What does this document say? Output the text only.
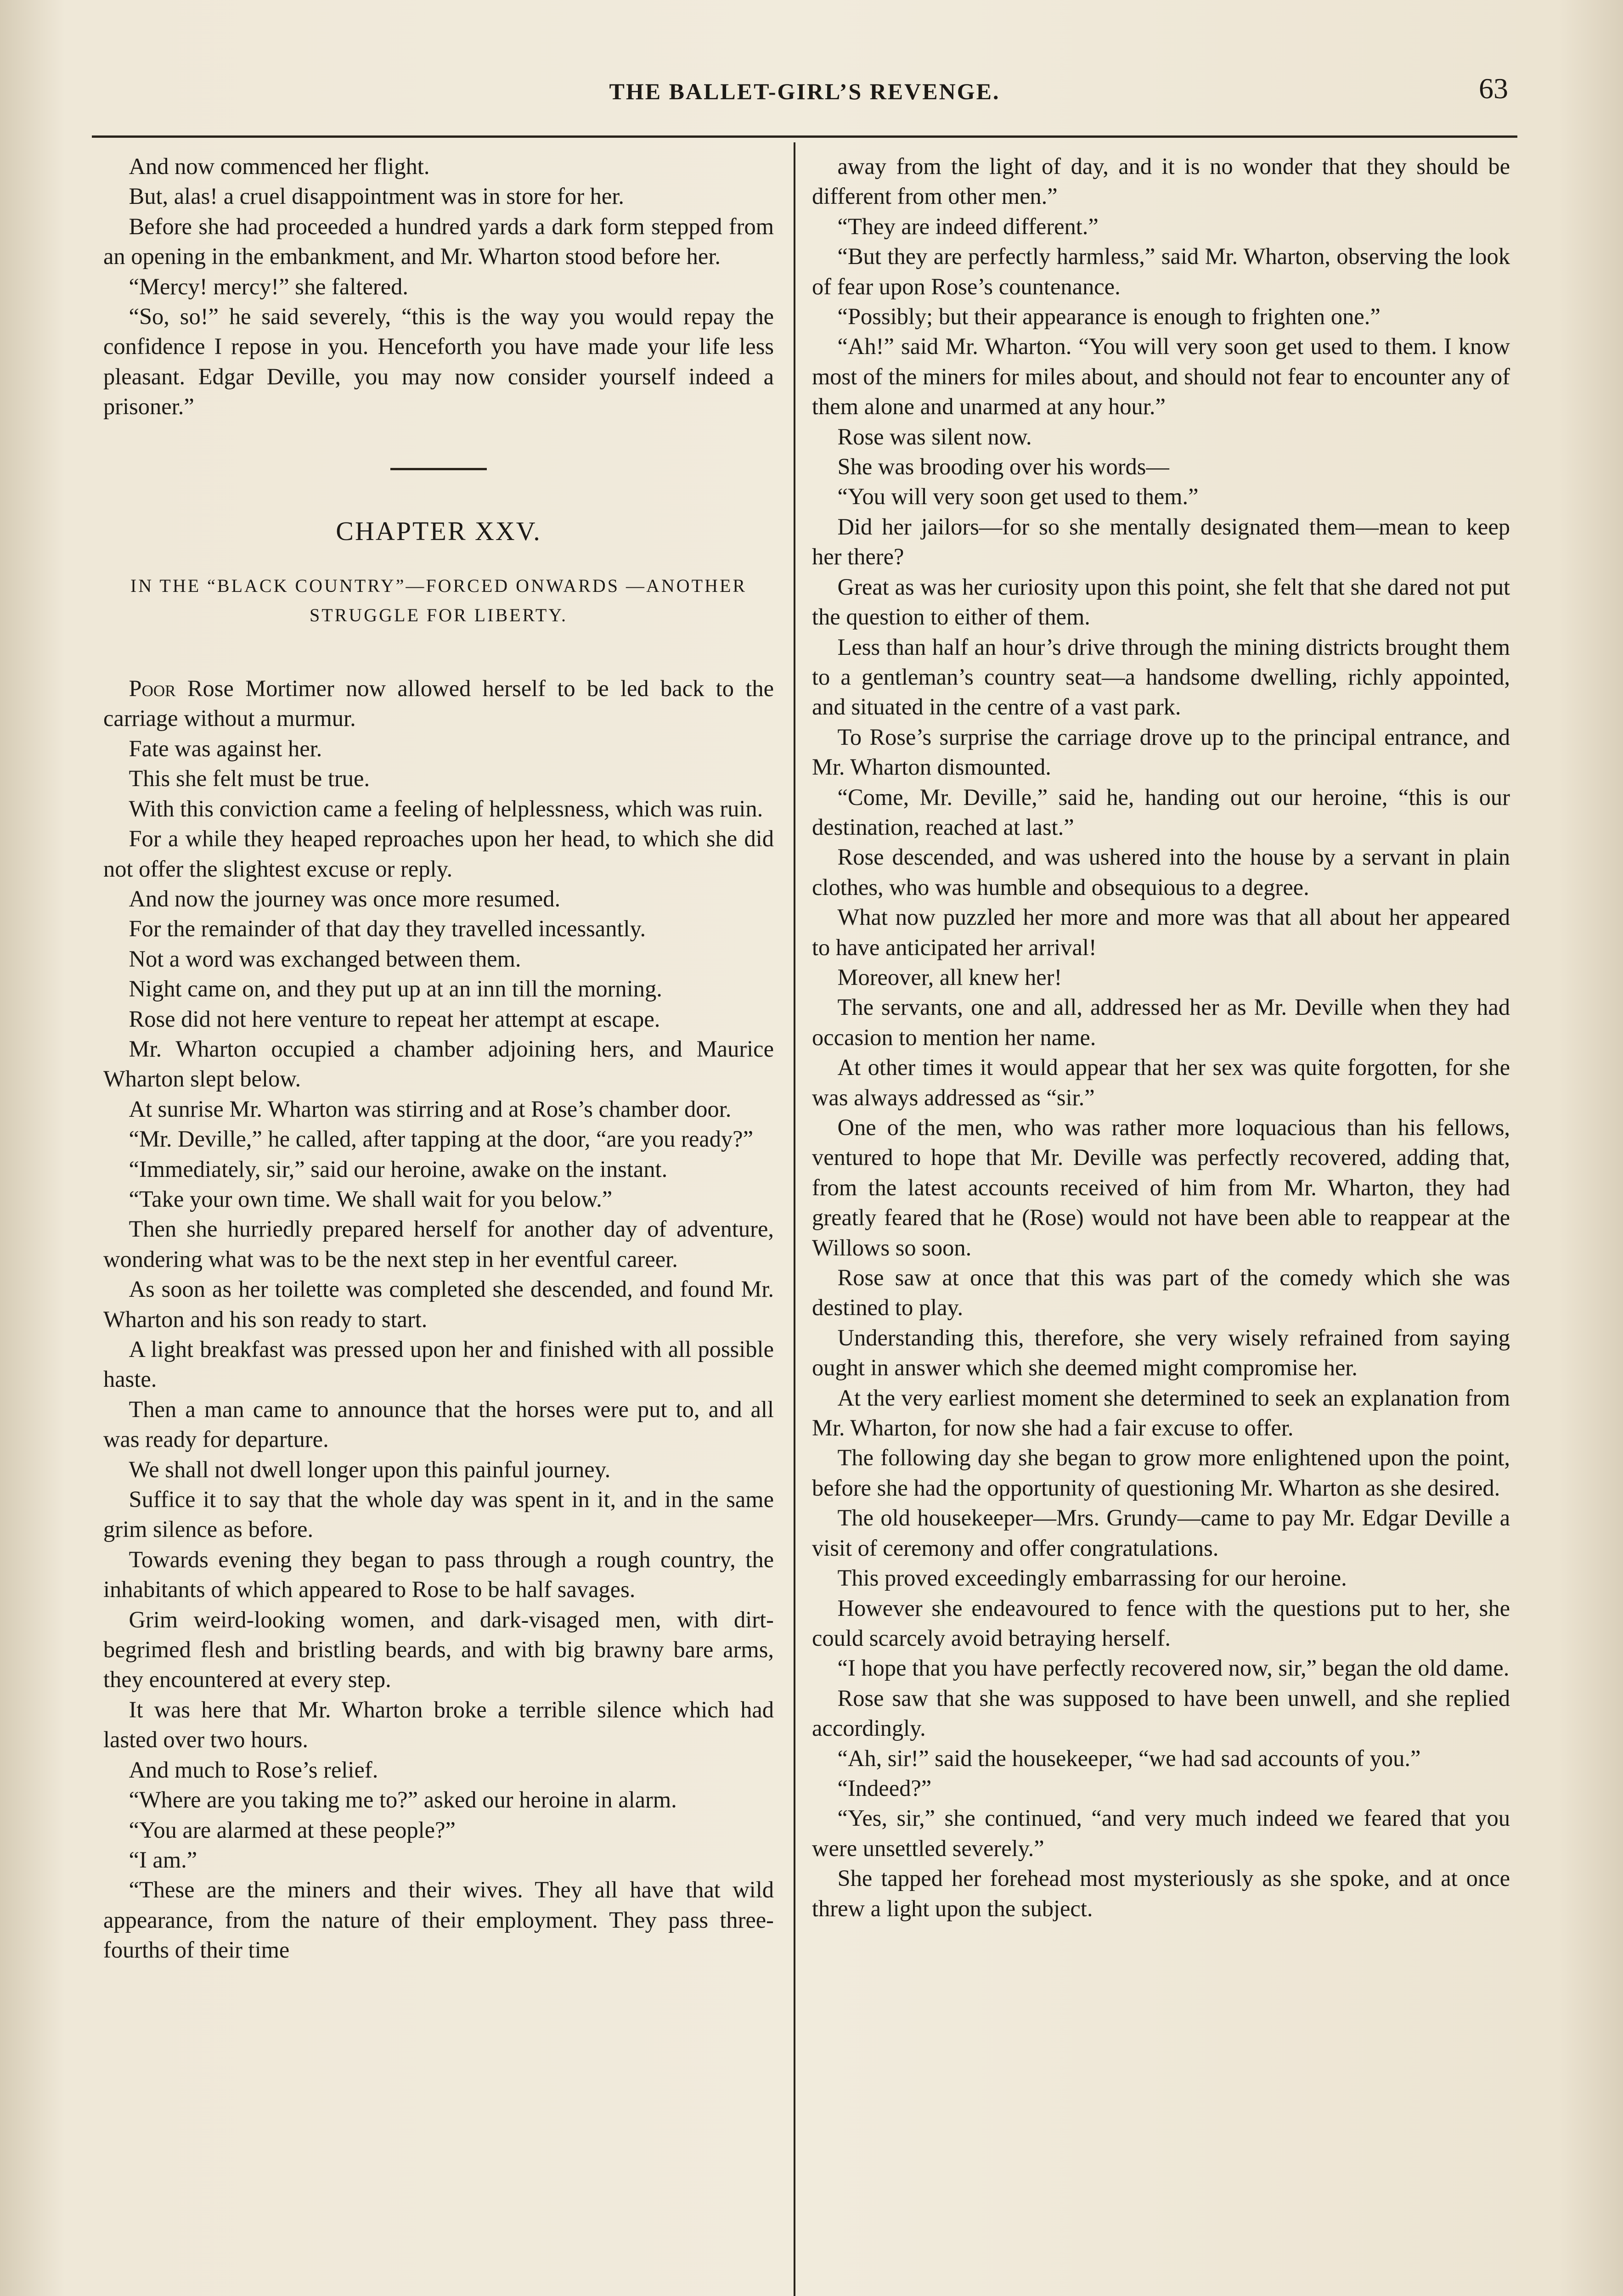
THE BALLET-GIRL’S REVENGE.	63

And now commenced her flight.

But, alas! a cruel disappointment was in store for her.

Before she had proceeded a hundred yards a dark form stepped from an opening in the embankment, and Mr. Wharton stood before her.

“Mercy! mercy!” she faltered.

“So, so!” he said severely, “this is the way you would repay the confidence I repose in you. Henceforth you have made your life less pleasant. Edgar Deville, you may now consider yourself indeed a prisoner.”

CHAPTER XXV.
IN THE “BLACK COUNTRY”—FORCED ONWARDS —ANOTHER STRUGGLE FOR LIBERTY.

Poor Rose Mortimer now allowed herself to be led back to the carriage without a murmur.

Fate was against her.

This she felt must be true.

With this conviction came a feeling of helplessness, which was ruin.

For a while they heaped reproaches upon her head, to which she did not offer the slightest excuse or reply.

And now the journey was once more resumed.

For the remainder of that day they travelled incessantly.

Not a word was exchanged between them.

Night came on, and they put up at an inn till the morning.

Rose did not here venture to repeat her attempt at escape.

Mr. Wharton occupied a chamber adjoining hers, and Maurice Wharton slept below.

At sunrise Mr. Wharton was stirring and at Rose’s chamber door.

“Mr. Deville,” he called, after tapping at the door, “are you ready?”

“Immediately, sir,” said our heroine, awake on the instant.

“Take your own time. We shall wait for you below.”

Then she hurriedly prepared herself for another day of adventure, wondering what was to be the next step in her eventful career.

As soon as her toilette was completed she descended, and found Mr. Wharton and his son ready to start.

A light breakfast was pressed upon her and finished with all possible haste.

Then a man came to announce that the horses were put to, and all was ready for departure.

We shall not dwell longer upon this painful journey.

Suffice it to say that the whole day was spent in it, and in the same grim silence as before.

Towards evening they began to pass through a rough country, the inhabitants of which appeared to Rose to be half savages.

Grim weird-looking women, and dark-visaged men, with dirt-begrimed flesh and bristling beards, and with big brawny bare arms, they encountered at every step.

It was here that Mr. Wharton broke a terrible silence which had lasted over two hours.

And much to Rose’s relief.

“Where are you taking me to?” asked our heroine in alarm.

“You are alarmed at these people?”

“I am.”

“These are the miners and their wives. They all have that wild appearance, from the nature of their employment. They pass three-fourths of their time

away from the light of day, and it is no wonder that they should be different from other men.”

“They are indeed different.”

“But they are perfectly harmless,” said Mr. Wharton, observing the look of fear upon Rose’s countenance.

“Possibly; but their appearance is enough to frighten one.”

“Ah!” said Mr. Wharton. “You will very soon get used to them. I know most of the miners for miles about, and should not fear to encounter any of them alone and unarmed at any hour.”

Rose was silent now.

She was brooding over his words—

“You will very soon get used to them.”

Did her jailors—for so she mentally designated them—mean to keep her there?

Great as was her curiosity upon this point, she felt that she dared not put the question to either of them.

Less than half an hour’s drive through the mining districts brought them to a gentleman’s country seat—a handsome dwelling, richly appointed, and situated in the centre of a vast park.

To Rose’s surprise the carriage drove up to the principal entrance, and Mr. Wharton dismounted.

“Come, Mr. Deville,” said he, handing out our heroine, “this is our destination, reached at last.”

Rose descended, and was ushered into the house by a servant in plain clothes, who was humble and obsequious to a degree.

What now puzzled her more and more was that all about her appeared to have anticipated her arrival!

Moreover, all knew her!

The servants, one and all, addressed her as Mr. Deville when they had occasion to mention her name.

At other times it would appear that her sex was quite forgotten, for she was always addressed as “sir.”

One of the men, who was rather more loquacious than his fellows, ventured to hope that Mr. Deville was perfectly recovered, adding that, from the latest accounts received of him from Mr. Wharton, they had greatly feared that he (Rose) would not have been able to reappear at the Willows so soon.

Rose saw at once that this was part of the comedy which she was destined to play.

Understanding this, therefore, she very wisely refrained from saying ought in answer which she deemed might compromise her.

At the very earliest moment she determined to seek an explanation from Mr. Wharton, for now she had a fair excuse to offer.

The following day she began to grow more enlightened upon the point, before she had the opportunity of questioning Mr. Wharton as she desired.

The old housekeeper—Mrs. Grundy—came to pay Mr. Edgar Deville a visit of ceremony and offer congratulations.

This proved exceedingly embarrassing for our heroine.

However she endeavoured to fence with the questions put to her, she could scarcely avoid betraying herself.

“I hope that you have perfectly recovered now, sir,” began the old dame.

Rose saw that she was supposed to have been unwell, and she replied accordingly.

“Ah, sir!” said the housekeeper, “we had sad accounts of you.”

“Indeed?”

“Yes, sir,” she continued, “and very much indeed we feared that you were unsettled severely.”

She tapped her forehead most mysteriously as she spoke, and at once threw a light upon the subject.
